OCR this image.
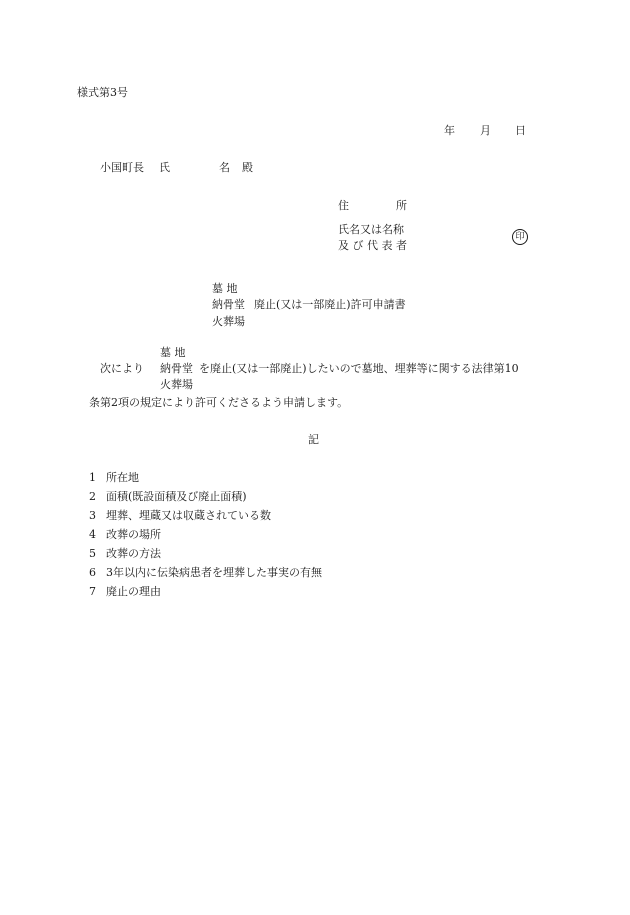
様式第3号
年 月 日
小国町長 氏	名 殿
住	所
氏名又は名称
及 び 代 表 者
印
墓 地
納骨堂 廃止(又は一部廃止)許可申請書
火葬場
墓 地
次により 納骨堂 を廃止(又は一部廃止)したいので墓地、埋葬等に関する法律第10
火葬場
条第2項の規定により許可くださるよう申請します。
記
1 所在地
2 面積(既設面積及び廃止面積)
3 埋葬、埋蔵又は収蔵されている数
4 改葬の場所
5 改葬の方法
6 3年以内に伝染病患者を埋葬した事実の有無
7 廃止の理由
